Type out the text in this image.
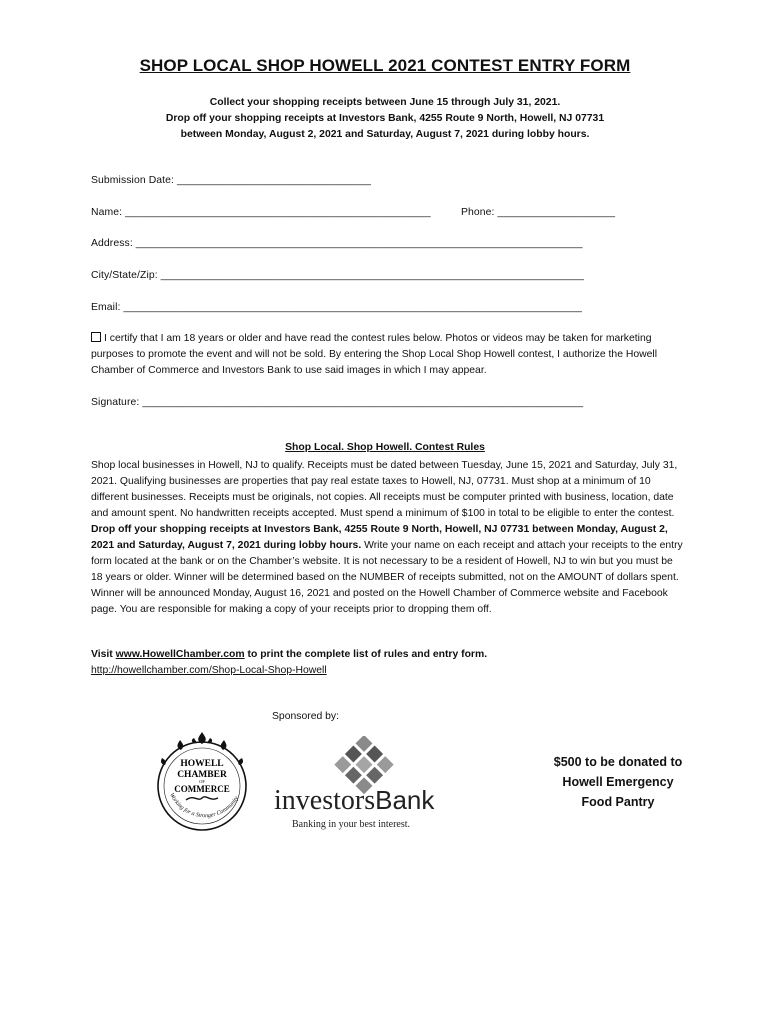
SHOP LOCAL SHOP HOWELL 2021 CONTEST ENTRY FORM
Collect your shopping receipts between June 15 through July 31, 2021.
Drop off your shopping receipts at Investors Bank, 4255 Route 9 North, Howell, NJ 07731
between Monday, August 2, 2021 and Saturday, August 7, 2021 during lobby hours.
Submission Date: _________________________________
Name: ____________________________________________________	Phone: ____________________
Address: ____________________________________________________________________________
City/State/Zip: ________________________________________________________________________
Email: ______________________________________________________________________________
I certify that I am 18 years or older and have read the contest rules below. Photos or videos may be taken for marketing purposes to promote the event and will not be sold. By entering the Shop Local Shop Howell contest, I authorize the Howell Chamber of Commerce and Investors Bank to use said images in which I may appear.
Signature: ___________________________________________________________________________
Shop Local. Shop Howell. Contest Rules
Shop local businesses in Howell, NJ to qualify. Receipts must be dated between Tuesday, June 15, 2021 and Saturday, July 31, 2021. Qualifying businesses are properties that pay real estate taxes to Howell, NJ, 07731. Must shop at a minimum of 10 different businesses. Receipts must be originals, not copies. All receipts must be computer printed with business, location, date and amount spent. No handwritten receipts accepted. Must spend a minimum of $100 in total to be eligible to enter the contest. Drop off your shopping receipts at Investors Bank, 4255 Route 9 North, Howell, NJ 07731 between Monday, August 2, 2021 and Saturday, August 7, 2021 during lobby hours. Write your name on each receipt and attach your receipts to the entry form located at the bank or on the Chamber’s website. It is not necessary to be a resident of Howell, NJ to win but you must be 18 years or older. Winner will be determined based on the NUMBER of receipts submitted, not on the AMOUNT of dollars spent. Winner will be announced Monday, August 16, 2021 and posted on the Howell Chamber of Commerce website and Facebook page. You are responsible for making a copy of your receipts prior to dropping them off.
Visit www.HowellChamber.com to print the complete list of rules and entry form.
http://howellchamber.com/Shop-Local-Shop-Howell
Sponsored by:
HOWELL
CHAMBER
OF
COMMERCE
Working for a Stronger Community investorsBank
Banking in your best interest.
$500 to be donated to
Howell Emergency
Food Pantry
